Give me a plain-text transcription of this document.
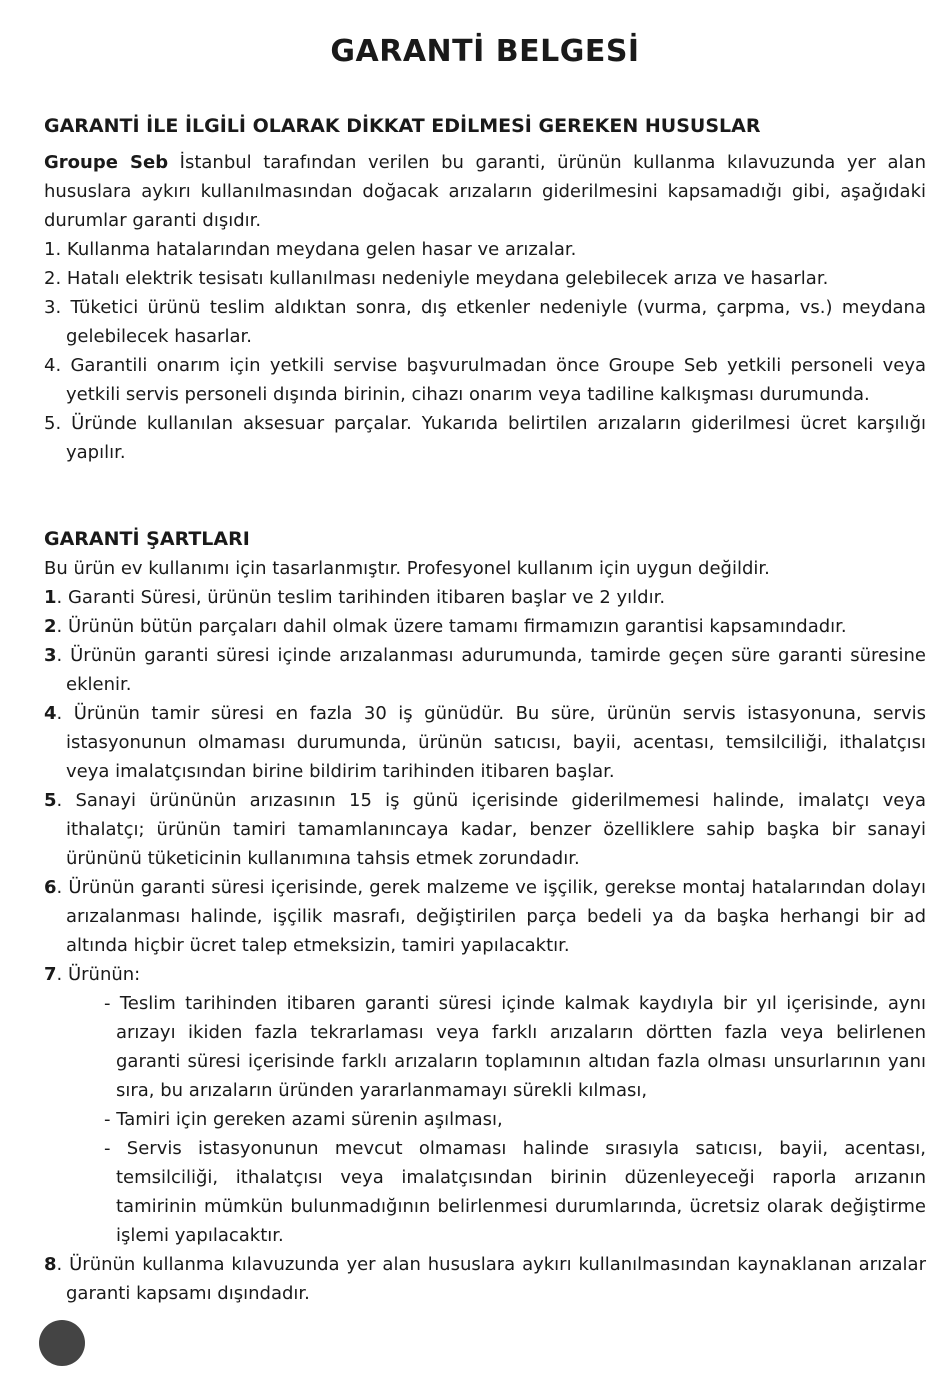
GARANTİ BELGESİ
GARANTİ İLE İLGİLİ OLARAK DİKKAT EDİLMESİ GEREKEN HUSUSLAR
Groupe Seb İstanbul tarafından verilen bu garanti, ürünün kullanma kılavuzunda yer alan hususlara aykırı kullanılmasından doğacak arızaların giderilmesini kapsamadığı gibi, aşağıdaki durumlar garanti dışıdır.
1. Kullanma hatalarından meydana gelen hasar ve arızalar.
2. Hatalı elektrik tesisatı kullanılması nedeniyle meydana gelebilecek arıza ve hasarlar.
3. Tüketici ürünü teslim aldıktan sonra, dış etkenler nedeniyle (vurma, çarpma, vs.) meydana gelebilecek hasarlar.
4. Garantili onarım için yetkili servise başvurulmadan önce Groupe Seb yetkili personeli veya yetkili servis personeli dışında birinin, cihazı onarım veya tadiline kalkışması durumunda.
5. Üründe kullanılan aksesuar parçalar. Yukarıda belirtilen arızaların giderilmesi ücret karşılığı yapılır.
GARANTİ ŞARTLARI
Bu ürün ev kullanımı için tasarlanmıştır. Profesyonel kullanım için uygun değildir.
1. Garanti Süresi, ürünün teslim tarihinden itibaren başlar ve 2 yıldır.
2. Ürünün bütün parçaları dahil olmak üzere tamamı firmamızın garantisi kapsamındadır.
3. Ürünün garanti süresi içinde arızalanması adurumunda, tamirde geçen süre garanti süresine eklenir.
4. Ürünün tamir süresi en fazla 30 iş günüdür. Bu süre, ürünün servis istasyonuna, servis istasyonunun olmaması durumunda, ürünün satıcısı, bayii, acentası, temsilciliği, ithalatçısı veya imalatçısından birine bildirim tarihinden itibaren başlar.
5. Sanayi ürününün arızasının 15 iş günü içerisinde giderilmemesi halinde, imalatçı veya ithalatçı; ürünün tamiri tamamlanıncaya kadar, benzer özelliklere sahip başka bir sanayi ürününü tüketicinin kullanımına tahsis etmek zorundadır.
6. Ürünün garanti süresi içerisinde, gerek malzeme ve işçilik, gerekse montaj hatalarından dolayı arızalanması halinde, işçilik masrafı, değiştirilen parça bedeli ya da başka herhangi bir ad altında hiçbir ücret talep etmeksizin, tamiri yapılacaktır.
7. Ürünün:
- Teslim tarihinden itibaren garanti süresi içinde kalmak kaydıyla bir yıl içerisinde, aynı arızayı ikiden fazla tekrarlaması veya farklı arızaların dörtten fazla veya belirlenen garanti süresi içerisinde farklı arızaların toplamının altıdan fazla olması unsurlarının yanı sıra, bu arızaların üründen yararlanmamayı sürekli kılması,
- Tamiri için gereken azami sürenin aşılması,
- Servis istasyonunun mevcut olmaması halinde sırasıyla satıcısı, bayii, acentası, temsilciliği, ithalatçısı veya imalatçısından birinin düzenleyeceği raporla arızanın tamirinin mümkün bulunmadığının belirlenmesi durumlarında, ücretsiz olarak değiştirme işlemi yapılacaktır.
8. Ürünün kullanma kılavuzunda yer alan hususlara aykırı kullanılmasından kaynaklanan arızalar garanti kapsamı dışındadır.
